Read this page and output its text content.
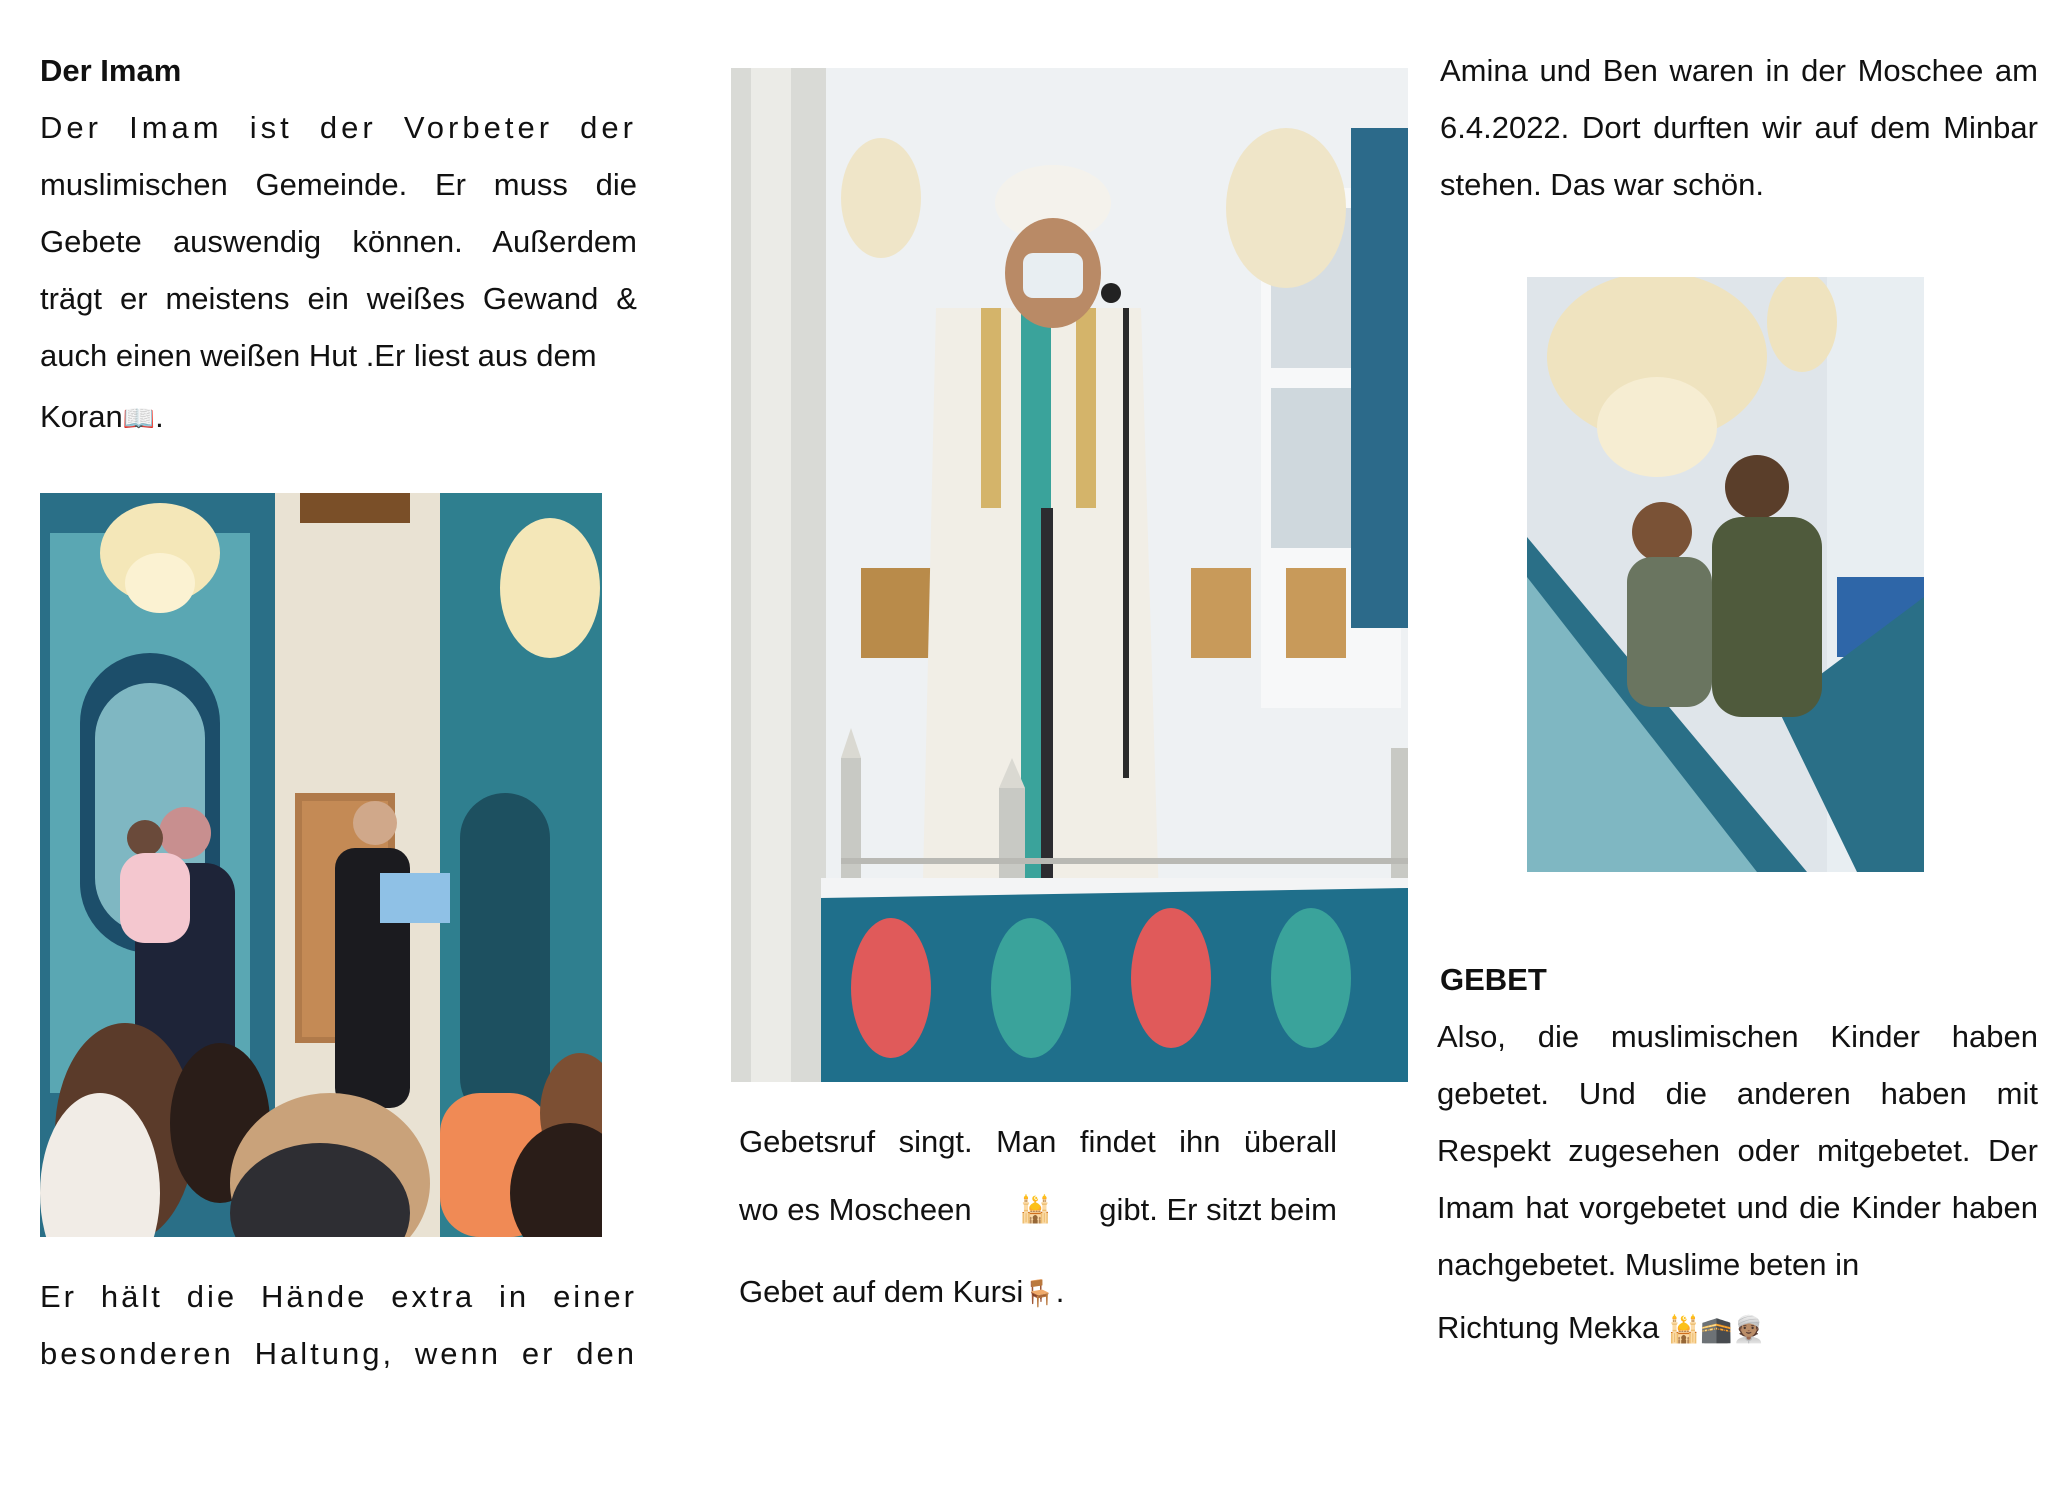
Der Imam
Der Imam ist der Vorbeter der
muslimischen Gemeinde. Er muss die Gebete auswendig können. Außerdem trägt er meistens ein weißes Gewand & auch einen weißen Hut .Er liest aus dem
Koran📖.
Er hält die Hände extra in einer besonderen Haltung, wenn er den
Gebetsruf singt. Man findet ihn überall
wo es Moscheen 🕌 gibt. Er sitzt beim
Gebet auf dem Kursi🪑.
Amina und Ben waren in der Moschee am 6.4.2022. Dort durften wir auf dem Minbar stehen. Das war schön.
GEBET
Also, die muslimischen Kinder haben gebetet. Und die anderen haben mit Respekt zugesehen oder mitgebetet. Der Imam hat vorgebetet und die Kinder haben nachgebetet. Muslime beten in
Richtung Mekka 🕌🕋👳🏽
